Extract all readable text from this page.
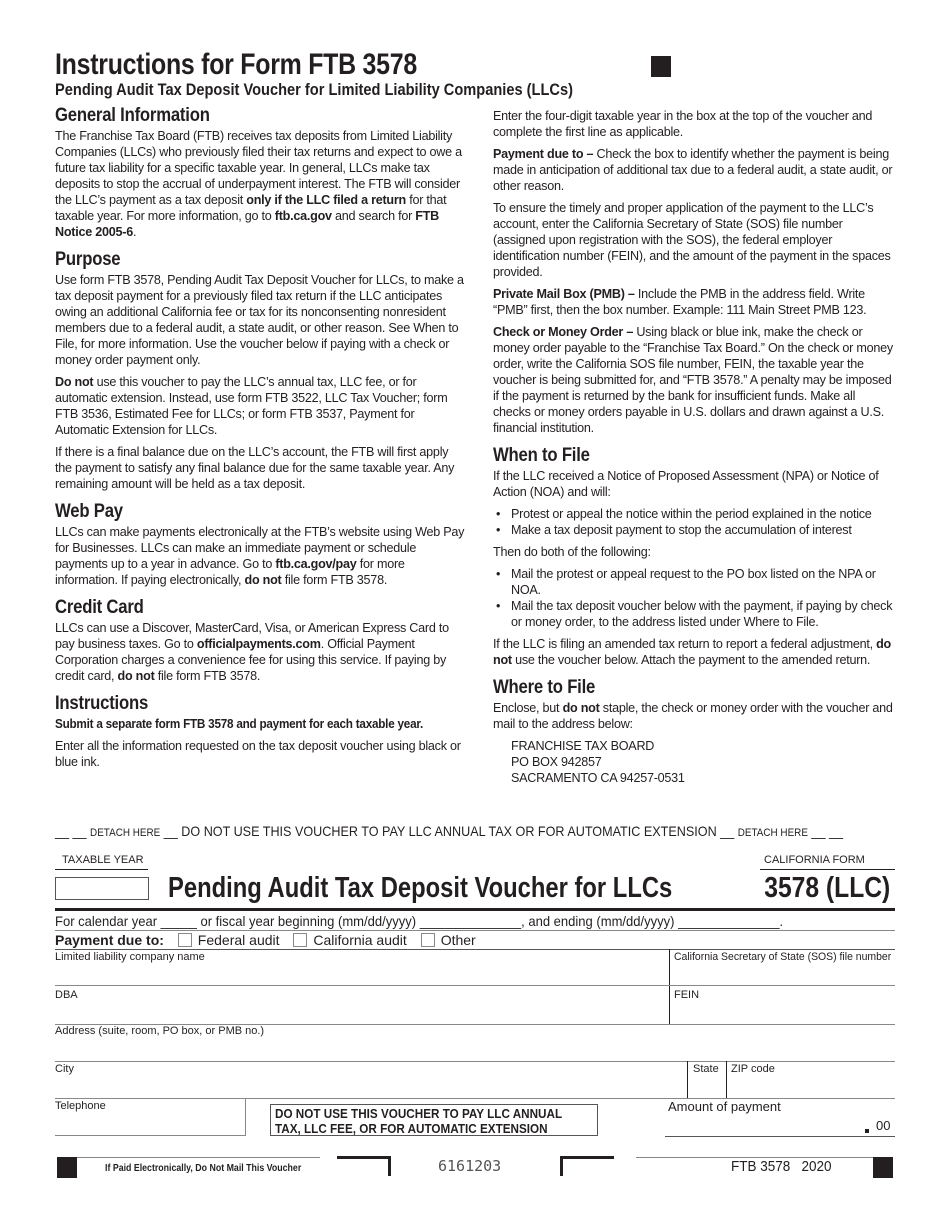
Instructions for Form FTB 3578
Pending Audit Tax Deposit Voucher for Limited Liability Companies (LLCs)
General Information

The Franchise Tax Board (FTB) receives tax deposits from Limited Liability Companies (LLCs) who previously filed their tax returns and expect to owe a future tax liability for a specific taxable year. In general, LLCs make tax deposits to stop the accrual of underpayment interest. The FTB will consider the LLC’s payment as a tax deposit only if the LLC filed a return for that taxable year. For more information, go to ftb.ca.gov and search for FTB Notice 2005-6.

Purpose

Use form FTB 3578, Pending Audit Tax Deposit Voucher for LLCs, to make a tax deposit payment for a previously filed tax return if the LLC anticipates owing an additional California fee or tax for its nonconsenting nonresident members due to a federal audit, a state audit, or other reason. See When to File, for more information. Use the voucher below if paying with a check or money order payment only.

Do not use this voucher to pay the LLC’s annual tax, LLC fee, or for automatic extension. Instead, use form FTB 3522, LLC Tax Voucher; form FTB 3536, Estimated Fee for LLCs; or form FTB 3537, Payment for Automatic Extension for LLCs.

If there is a final balance due on the LLC’s account, the FTB will first apply the payment to satisfy any final balance due for the same taxable year. Any remaining amount will be held as a tax deposit.

Web Pay

LLCs can make payments electronically at the FTB’s website using Web Pay for Businesses. LLCs can make an immediate payment or schedule payments up to a year in advance. Go to ftb.ca.gov/pay for more information. If paying electronically, do not file form FTB 3578.

Credit Card

LLCs can use a Discover, MasterCard, Visa, or American Express Card to pay business taxes. Go to officialpayments.com. Official Payment Corporation charges a convenience fee for using this service. If paying by credit card, do not file form FTB 3578.

Instructions

Submit a separate form FTB 3578 and payment for each taxable year.

Enter all the information requested on the tax deposit voucher using black or blue ink.

Enter the four-digit taxable year in the box at the top of the voucher and complete the first line as applicable.

Payment due to – Check the box to identify whether the payment is being made in anticipation of additional tax due to a federal audit, a state audit, or other reason.

To ensure the timely and proper application of the payment to the LLC’s account, enter the California Secretary of State (SOS) file number (assigned upon registration with the SOS), the federal employer identification number (FEIN), and the amount of the payment in the spaces provided.

Private Mail Box (PMB) – Include the PMB in the address field. Write “PMB” first, then the box number. Example: 111 Main Street PMB 123.

Check or Money Order – Using black or blue ink, make the check or money order payable to the “Franchise Tax Board.” On the check or money order, write the California SOS file number, FEIN, the taxable year the voucher is being submitted for, and “FTB 3578.” A penalty may be imposed if the payment is returned by the bank for insufficient funds. Make all checks or money orders payable in U.S. dollars and drawn against a U.S. financial institution.

When to File

If the LLC received a Notice of Proposed Assessment (NPA) or Notice of Action (NOA) and will:

• Protest or appeal the notice within the period explained in the notice
• Make a tax deposit payment to stop the accumulation of interest

Then do both of the following:

• Mail the protest or appeal request to the PO box listed on the NPA or NOA.
• Mail the tax deposit voucher below with the payment, if paying by check or money order, to the address listed under Where to File.

If the LLC is filing an amended tax return to report a federal adjustment, do not use the voucher below. Attach the payment to the amended return.

Where to File

Enclose, but do not staple, the check or money order with the voucher and mail to the address below:

FRANCHISE TAX BOARD
PO BOX 942857
SACRAMENTO CA 94257-0531
__ __ DETACH HERE __ DO NOT USE THIS VOUCHER TO PAY LLC ANNUAL TAX OR FOR AUTOMATIC EXTENSION __ DETACH HERE __ __
TAXABLE YEAR	CALIFORNIA FORM
Pending Audit Tax Deposit Voucher for LLCs	3578 (LLC)
For calendar year _____ or fiscal year beginning (mm/dd/yyyy) ______________, and ending (mm/dd/yyyy) ______________.
Payment due to: Federal audit California audit Other
Limited liability company name	California Secretary of State (SOS) file number
DBA	FEIN
Address (suite, room, PO box, or PMB no.)
City	State ZIP code
Telephone	DO NOT USE THIS VOUCHER TO PAY LLC ANNUAL
TAX, LLC FEE, OR FOR AUTOMATIC EXTENSION
Amount of payment
00
If Paid Electronically, Do Not Mail This Voucher	6161203	FTB 3578   2020
